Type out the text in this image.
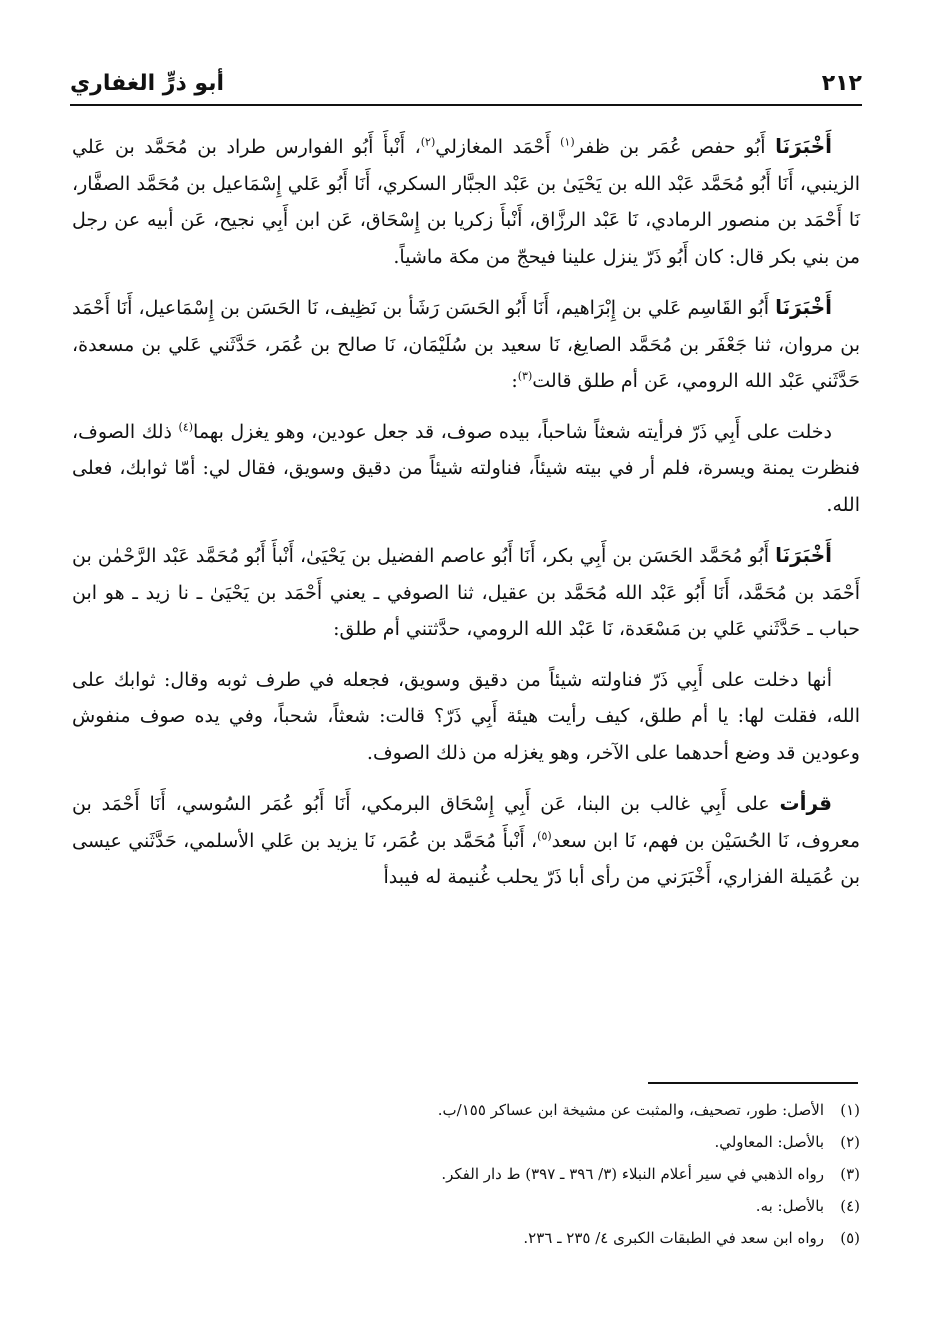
٢١٢
أبو ذرٍّ الغفاري

أَخْبَرَنَا أَبُو حفص عُمَر بن ظفر$^{(١)}$ أَحْمَد المغازلي$^{(٢)}$، أَنْبأَ أَبُو الفوارس طراد بن مُحَمَّد بن عَلي الزينبي، أَنَا أَبُو مُحَمَّد عَبْد الله بن يَحْيَىٰ بن عَبْد الجبَّار السكري، أَنَا أَبُو عَلي إِسْمَاعيل بن مُحَمَّد الصفَّار، نَا أَحْمَد بن منصور الرمادي، نَا عَبْد الرزَّاق، أَنْبأَ زكريا بن إِسْحَاق، عَن ابن أَبِي نجيح، عَن أبيه عن رجل من بني بكر قال: كان أَبُو ذَرّ ينزل علينا فيحجّ من مكة ماشياً.

أَخْبَرَنَا أَبُو القَاسِم عَلي بن إِبْرَاهيم، أَنَا أَبُو الحَسَن رَشَأ بن نَظِيف، نَا الحَسَن بن إِسْمَاعيل، أَنَا أَحْمَد بن مروان، ثنا جَعْفَر بن مُحَمَّد الصايغ، نَا سعيد بن سُلَيْمَان، نَا صالح بن عُمَر، حَدَّثَني عَلي بن مسعدة، حَدَّثَني عَبْد الله الرومي، عَن أم طلق قالت$^{(٣)}$:

دخلت على أَبِي ذَرّ فرأيته شعثاً شاحباً، بيده صوف، قد جعل عودين، وهو يغزل بهما$^{(٤)}$ ذلك الصوف، فنظرت يمنة ويسرة، فلم أر في بيته شيئاً، فناولته شيئاً من دقيق وسويق، فقال لي: أمّا ثوابك، فعلى الله.

أَخْبَرَنَا أَبُو مُحَمَّد الحَسَن بن أَبِي بكر، أَنَا أَبُو عاصم الفضيل بن يَحْيَىٰ، أَنْبأَ أَبُو مُحَمَّد عَبْد الرَّحْمٰن بن أَحْمَد بن مُحَمَّد، أَنَا أَبُو عَبْد الله مُحَمَّد بن عقيل، ثنا الصوفي ـ يعني أَحْمَد بن يَحْيَىٰ ـ نا زيد ـ هو ابن حباب ـ حَدَّثَني عَلي بن مَسْعَدة، نَا عَبْد الله الرومي، حدَّثتني أم طلق:

أنها دخلت على أَبِي ذَرّ فناولته شيئاً من دقيق وسويق، فجعله في طرف ثوبه وقال: ثوابك على الله، فقلت لها: يا أم طلق، كيف رأيت هيئة أَبِي ذَرّ؟ قالت: شعثاً، شحباً، وفي يده صوف منفوش وعودين قد وضع أحدهما على الآخر، وهو يغزله من ذلك الصوف.

قرأت على أَبِي غالب بن البنا، عَن أَبِي إِسْحَاق البرمكي، أَنَا أَبُو عُمَر السُوسي، أَنَا أَحْمَد بن معروف، نَا الحُسَيْن بن فهم، نَا ابن سعد$^{(٥)}$، أَنْبأَ مُحَمَّد بن عُمَر، نَا يزيد بن عَلي الأسلمي، حَدَّثَني عيسى بن عُمَيلة الفزاري، أَخْبَرَني من رأى أبا ذَرّ يحلب غُنيمة له فيبدأ

(١)
الأصل: طور، تصحيف، والمثبت عن مشيخة ابن عساكر ١٥٥/ب.
(٢)
بالأصل: المعاولي.
(٣)
رواه الذهبي في سير أعلام النبلاء (٣/ ٣٩٦ ـ ٣٩٧) ط دار الفكر.
(٤)
بالأصل: به.
(٥)
رواه ابن سعد في الطبقات الكبرى ٤/ ٢٣٥ ـ ٢٣٦.
